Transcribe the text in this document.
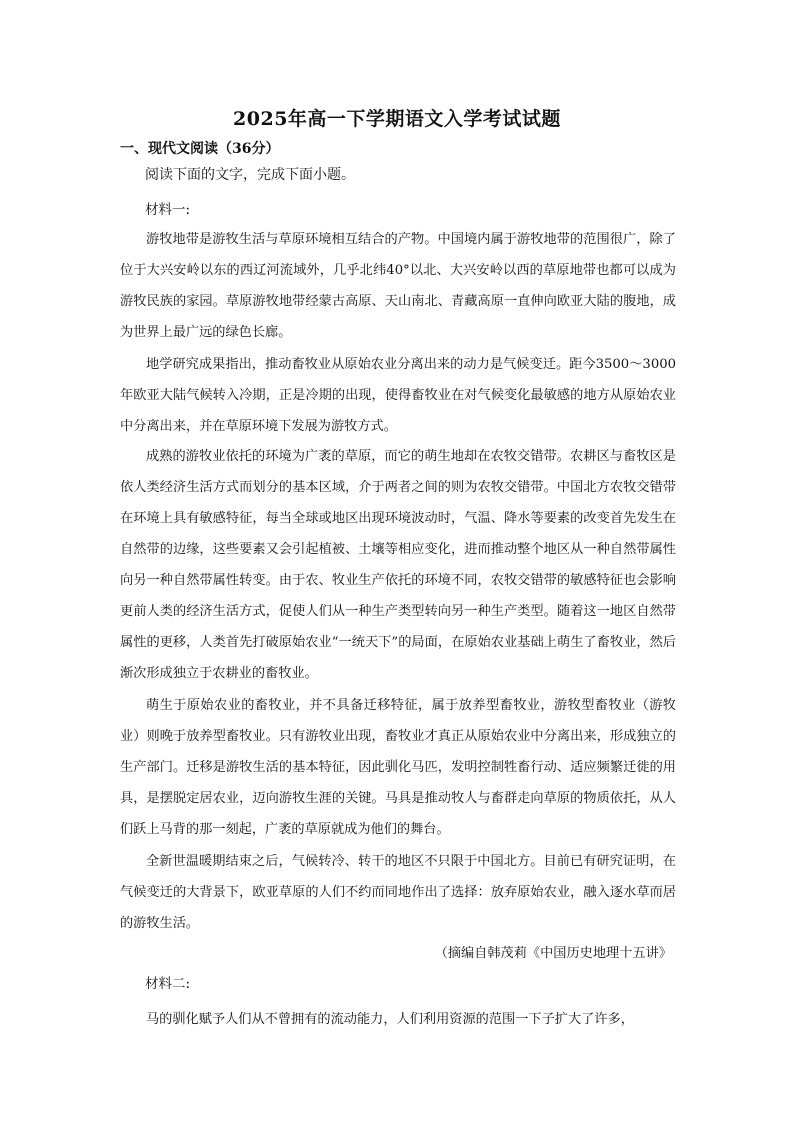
2025年高一下学期语文入学考试试题
一、现代文阅读（36分）
阅读下面的文字，完成下面小题。
材料一:

游牧地带是游牧生活与草原环境相互结合的产物。中国境内属于游牧地带的范围很广，除了位于大兴安岭以东的西辽河流域外，几乎北纬40°以北、大兴安岭以西的草原地带也都可以成为游牧民族的家园。草原游牧地带经蒙古高原、天山南北、青藏高原一直伸向欧亚大陆的腹地，成为世界上最广远的绿色长廊。

地学研究成果指出，推动畜牧业从原始农业分离出来的动力是气候变迁。距今3500～3000年欧亚大陆气候转入冷期，正是冷期的出现，使得畜牧业在对气候变化最敏感的地方从原始农业中分离出来，并在草原环境下发展为游牧方式。

成熟的游牧业依托的环境为广袤的草原，而它的萌生地却在农牧交错带。农耕区与畜牧区是依人类经济生活方式而划分的基本区域，介于两者之间的则为农牧交错带。中国北方农牧交错带在环境上具有敏感特征，每当全球或地区出现环境波动时，气温、降水等要素的改变首先发生在自然带的边缘，这些要素又会引起植被、土壤等相应变化，进而推动整个地区从一种自然带属性向另一种自然带属性转变。由于农、牧业生产依托的环境不同，农牧交错带的敏感特征也会影响更前人类的经济生活方式，促使人们从一种生产类型转向另一种生产类型。随着这一地区自然带属性的更移，人类首先打破原始农业“一统天下”的局面，在原始农业基础上萌生了畜牧业，然后渐次形成独立于农耕业的畜牧业。

萌生于原始农业的畜牧业，并不具备迁移特征，属于放养型畜牧业，游牧型畜牧业（游牧业）则晚于放养型畜牧业。只有游牧业出现，畜牧业才真正从原始农业中分离出来，形成独立的生产部门。迁移是游牧生活的基本特征，因此驯化马匹，发明控制牲畜行动、适应频繁迁徙的用具，是摆脱定居农业，迈向游牧生涯的关键。马具是推动牧人与畜群走向草原的物质依托，从人们跃上马背的那一刻起，广袤的草原就成为他们的舞台。

全新世温暖期结束之后，气候转冷、转干的地区不只限于中国北方。目前已有研究证明，在气候变迁的大背景下，欧亚草原的人们不约而同地作出了选择：放弃原始农业，融入逐水草而居的游牧生活。

（摘编自韩茂莉《中国历史地理十五讲》
材料二:

马的驯化赋予人们从不曾拥有的流动能力，人们利用资源的范围一下子扩大了许多，
